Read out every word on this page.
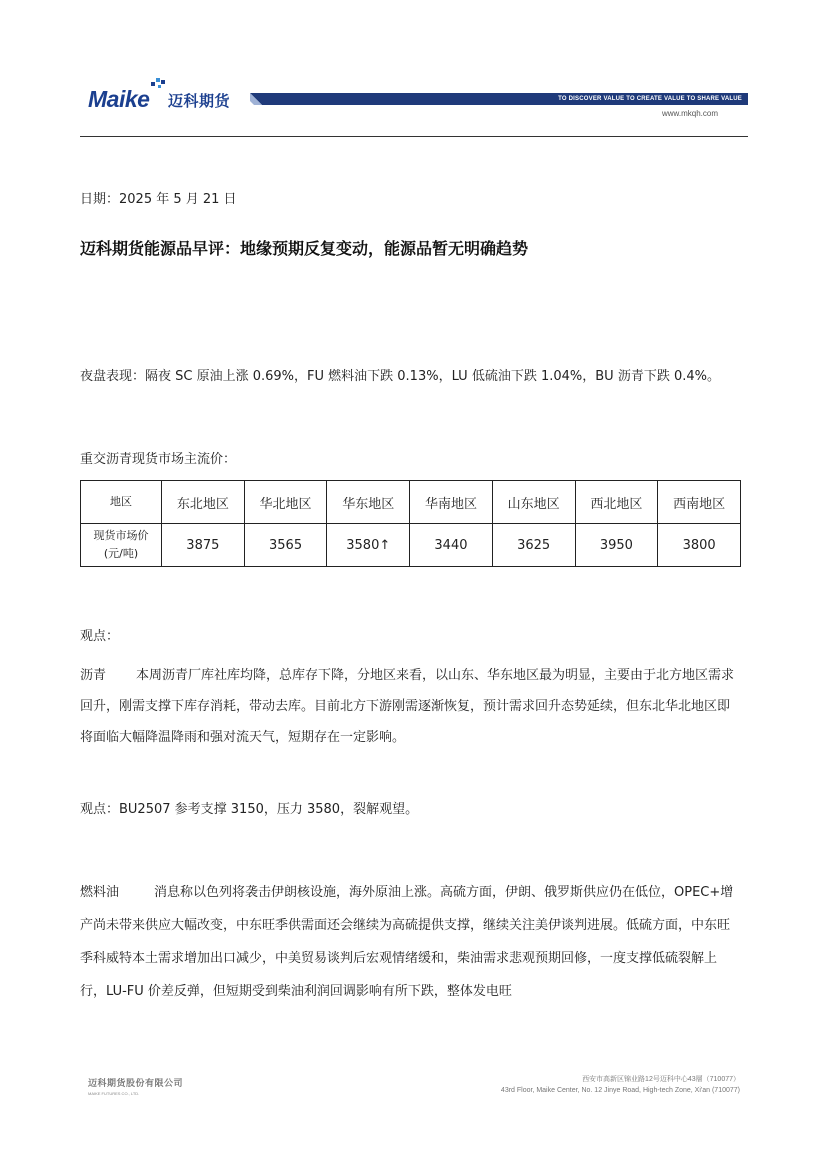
Maike 迈科期货	TO DISCOVER VALUE TO CREATE VALUE TO SHARE VALUE
www.mkqh.com
日期：2025 年 5 月 21 日
迈科期货能源品早评：地缘预期反复变动，能源品暂无明确趋势
夜盘表现：隔夜 SC 原油上涨 0.69%，FU 燃料油下跌 0.13%，LU 低硫油下跌 1.04%，BU 沥青下跌 0.4%。
重交沥青现货市场主流价：
地区	东北地区	华北地区	华东地区	华南地区	山东地区	西北地区	西南地区

现货市场价
(元/吨)	3875	3565	3580↑	3440	3625	3950	3800
观点：
沥青 本周沥青厂库社库均降，总库存下降，分地区来看，以山东、华东地区最为明显，主要由于北方地区需求回升，刚需支撑下库存消耗，带动去库。目前北方下游刚需逐渐恢复，预计需求回升态势延续，但东北华北地区即将面临大幅降温降雨和强对流天气，短期存在一定影响。
观点：BU2507 参考支撑 3150，压力 3580，裂解观望。
燃料油	消息称以色列将袭击伊朗核设施，海外原油上涨。高硫方面，伊朗、俄罗斯供应仍在低位，OPEC+增产尚未带来供应大幅改变，中东旺季供需面还会继续为高硫提供支撑，继续关注美伊谈判进展。低硫方面，中东旺季科威特本土需求增加出口减少，中美贸易谈判后宏观情绪缓和，柴油需求悲观预期回修，一度支撑低硫裂解上行，LU-FU 价差反弹，但短期受到柴油利润回调影响有所下跌，整体发电旺
迈科期货股份有限公司
MAIKE FUTURES CO., LTD.
西安市高新区锦业路12号迈科中心43層（710077）
43rd Floor, Maike Center, No. 12 Jinye Road, High-tech Zone, Xi'an (710077)
